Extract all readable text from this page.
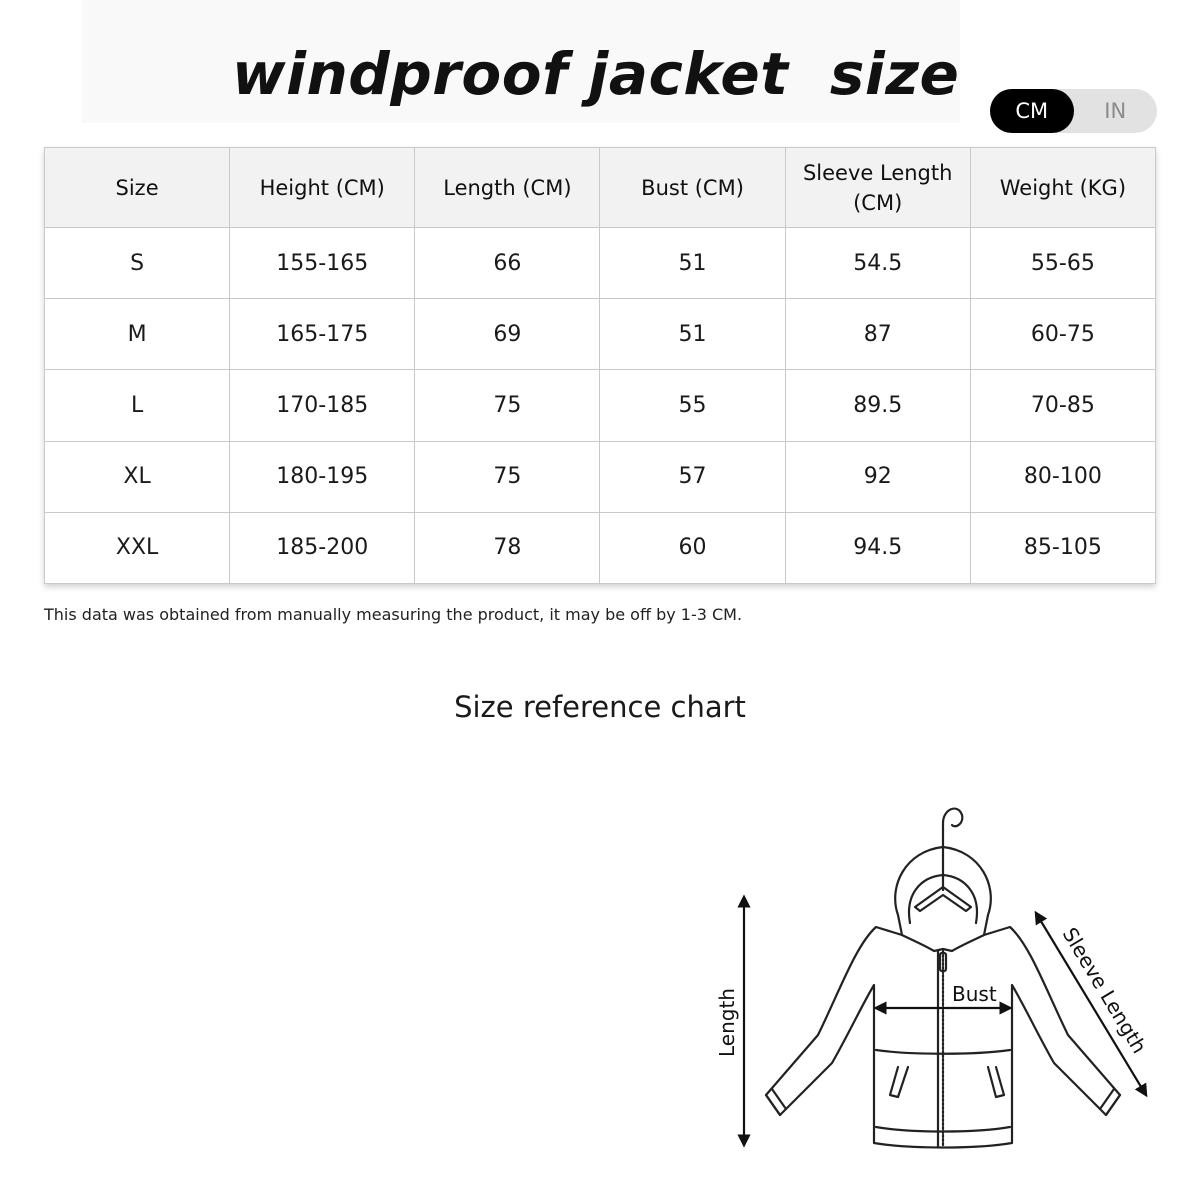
windproof jacket  size
CM	IN
Size	Height (CM)	Length (CM)	Bust (CM)	Sleeve Length (CM)	Weight (KG)
S	155-165	66	51	54.5	55-65
M	165-175	69	51	87	60-75
L	170-185	75	55	89.5	70-85
XL	180-195	75	57	92	80-100
XXL	185-200	78	60	94.5	85-105
This data was obtained from manually measuring the product, it may be off by 1-3 CM.
Size reference chart
Length	Bust	Sleeve Length
